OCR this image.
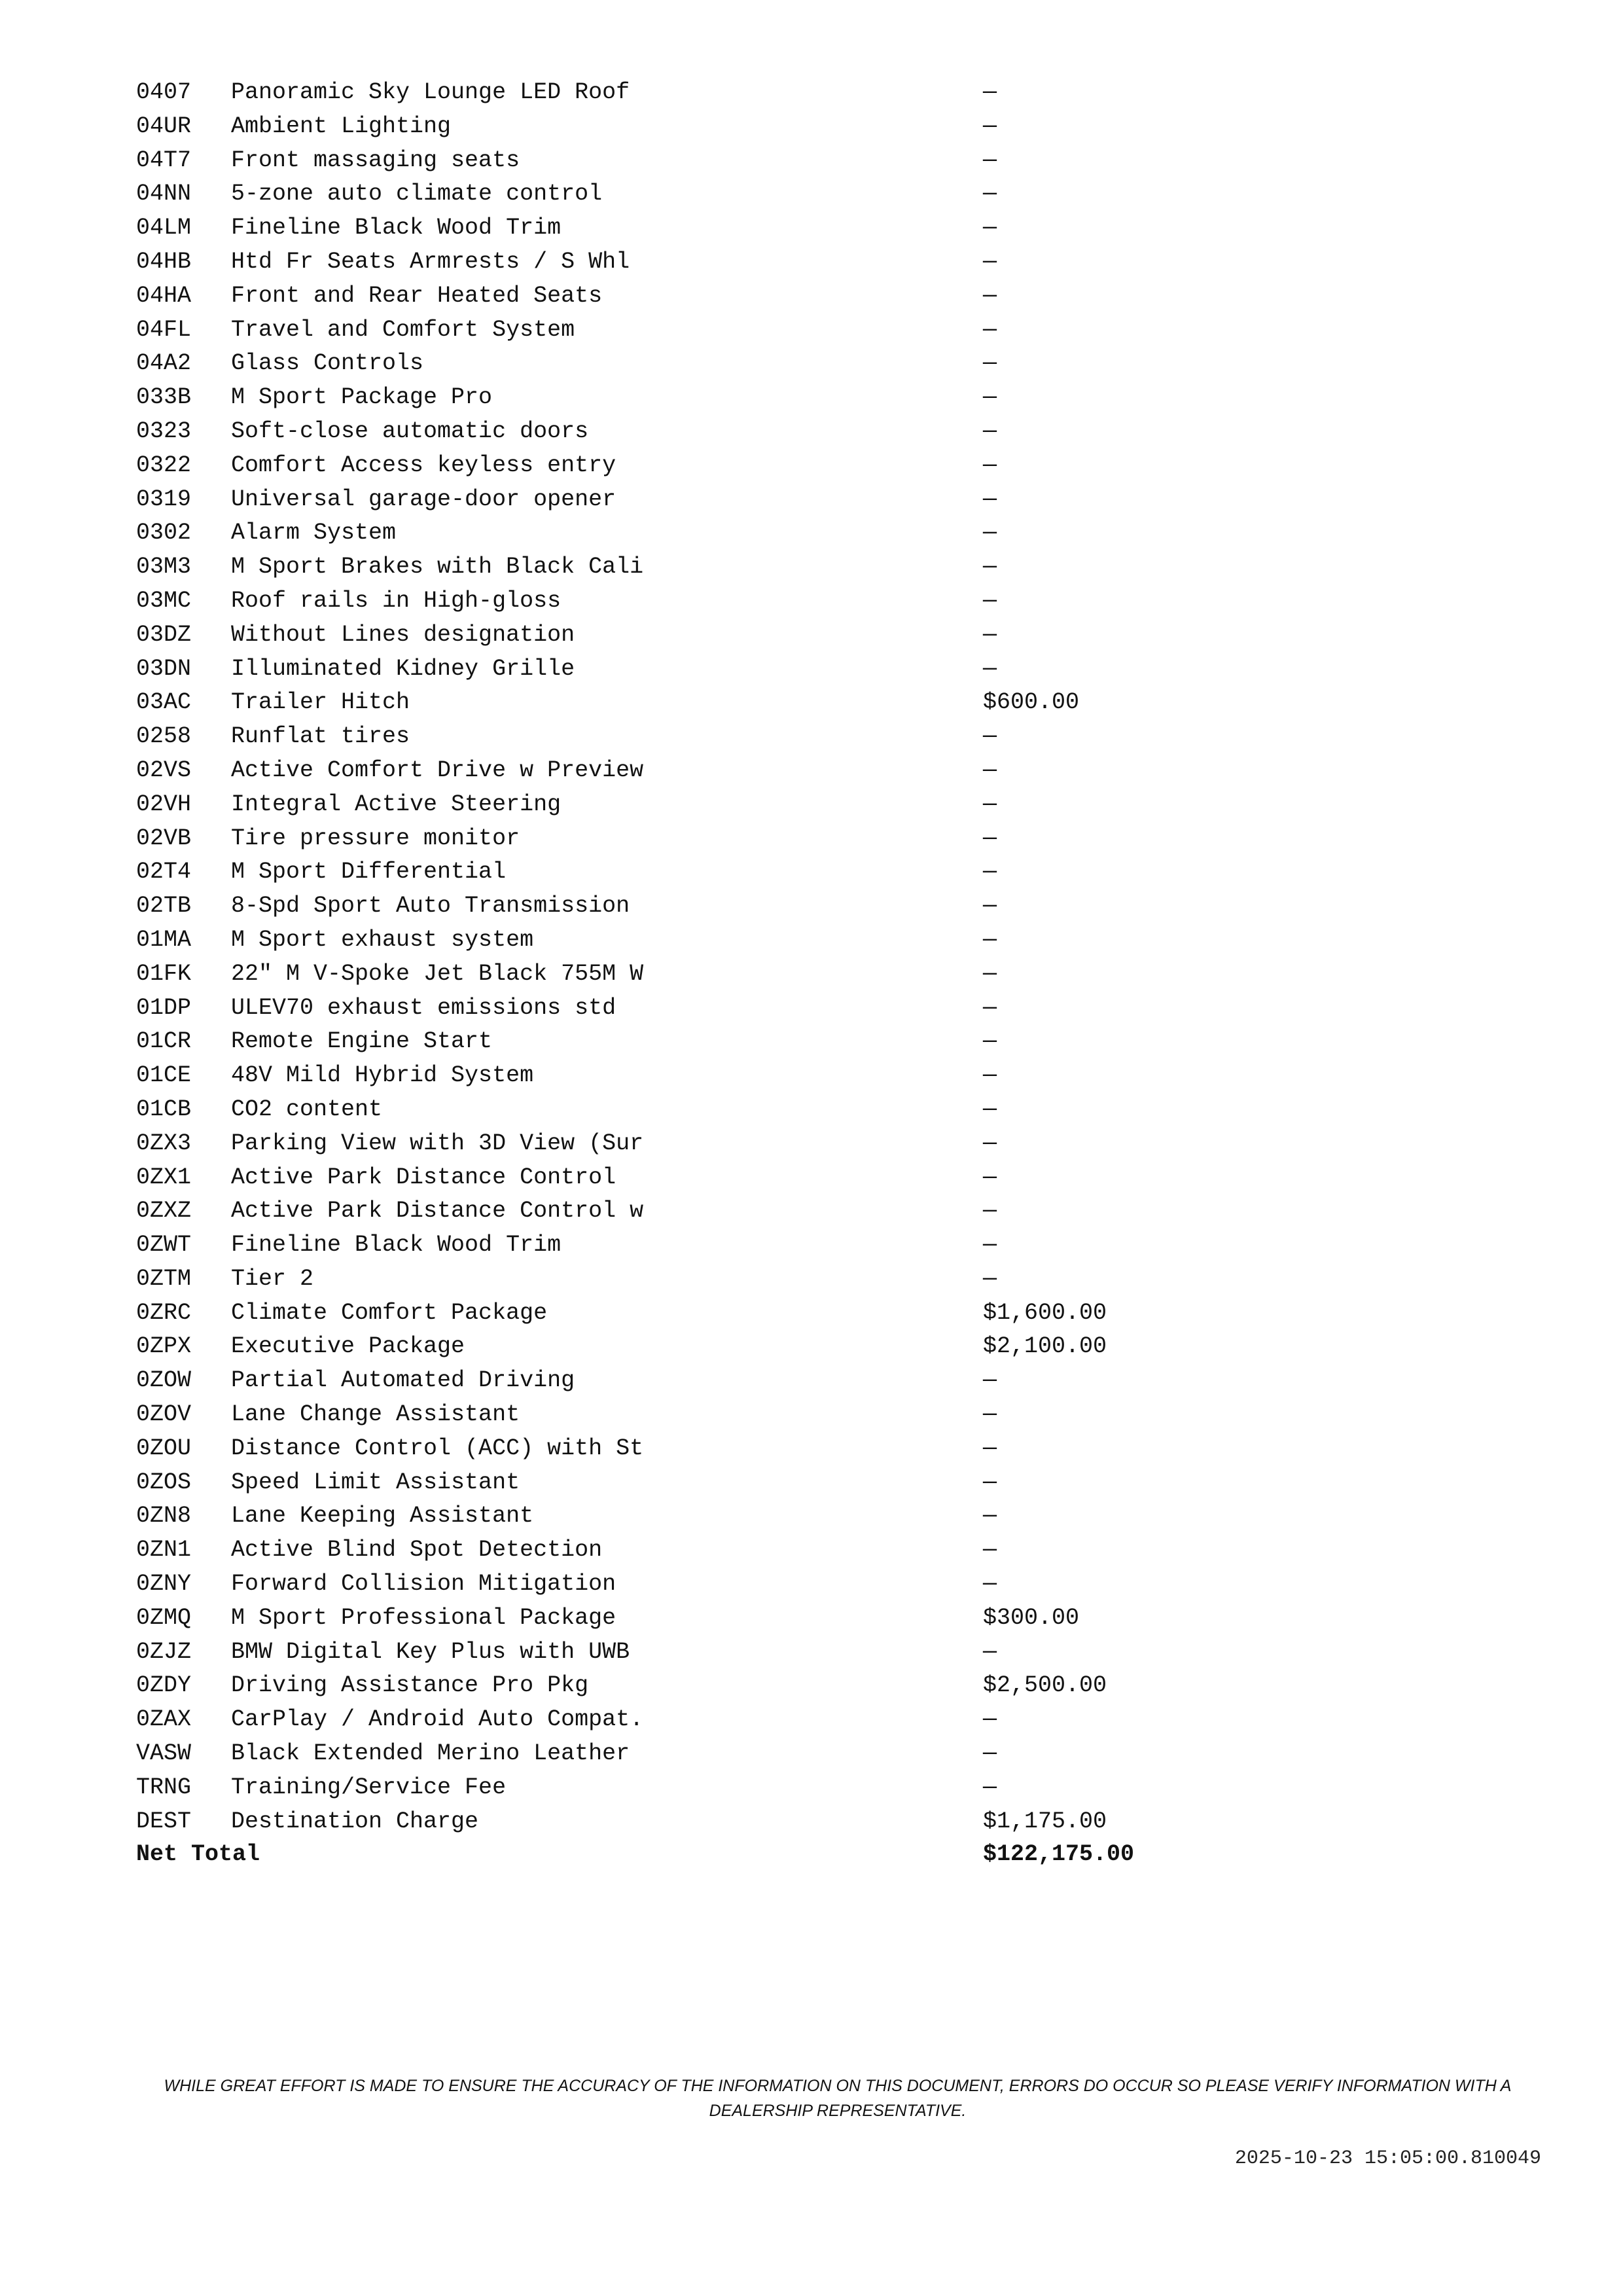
0407 Panoramic Sky Lounge LED Roof	—
04UR Ambient Lighting	—
04T7 Front massaging seats	—
04NN 5-zone auto climate control	—
04LM Fineline Black Wood Trim	—
04HB Htd Fr Seats Armrests / S Whl	—
04HA Front and Rear Heated Seats	—
04FL Travel and Comfort System	—
04A2 Glass Controls	—
033B M Sport Package Pro	—
0323 Soft-close automatic doors	—
0322 Comfort Access keyless entry	—
0319 Universal garage-door opener	—
0302 Alarm System	—
03M3 M Sport Brakes with Black Cali	—
03MC Roof rails in High-gloss	—
03DZ Without Lines designation	—
03DN Illuminated Kidney Grille	—
03AC Trailer Hitch	$600.00
0258 Runflat tires	—
02VS Active Comfort Drive w Preview	—
02VH Integral Active Steering	—
02VB Tire pressure monitor	—
02T4 M Sport Differential	—
02TB 8-Spd Sport Auto Transmission	—
01MA M Sport exhaust system	—
01FK 22" M V-Spoke Jet Black 755M W	—
01DP ULEV70 exhaust emissions std	—
01CR Remote Engine Start	—
01CE 48V Mild Hybrid System	—
01CB CO2 content	—
0ZX3 Parking View with 3D View (Sur	—
0ZX1 Active Park Distance Control	—
0ZXZ Active Park Distance Control w	—
0ZWT Fineline Black Wood Trim	—
0ZTM Tier 2	—
0ZRC Climate Comfort Package	$1,600.00
0ZPX Executive Package	$2,100.00
0ZOW Partial Automated Driving	—
0ZOV Lane Change Assistant	—
0ZOU Distance Control (ACC) with St	—
0ZOS Speed Limit Assistant	—
0ZN8 Lane Keeping Assistant	—
0ZN1 Active Blind Spot Detection	—
0ZNY Forward Collision Mitigation	—
0ZMQ M Sport Professional Package	$300.00
0ZJZ BMW Digital Key Plus with UWB	—
0ZDY Driving Assistance Pro Pkg	$2,500.00
0ZAX CarPlay / Android Auto Compat.	—
VASW Black Extended Merino Leather	—
TRNG Training/Service Fee	—
DEST Destination Charge	$1,175.00
Net Total	$122,175.00
WHILE GREAT EFFORT IS MADE TO ENSURE THE ACCURACY OF THE INFORMATION ON THIS DOCUMENT, ERRORS DO OCCUR SO PLEASE VERIFY INFORMATION WITH A
DEALERSHIP REPRESENTATIVE.
2025-10-23 15:05:00.810049
